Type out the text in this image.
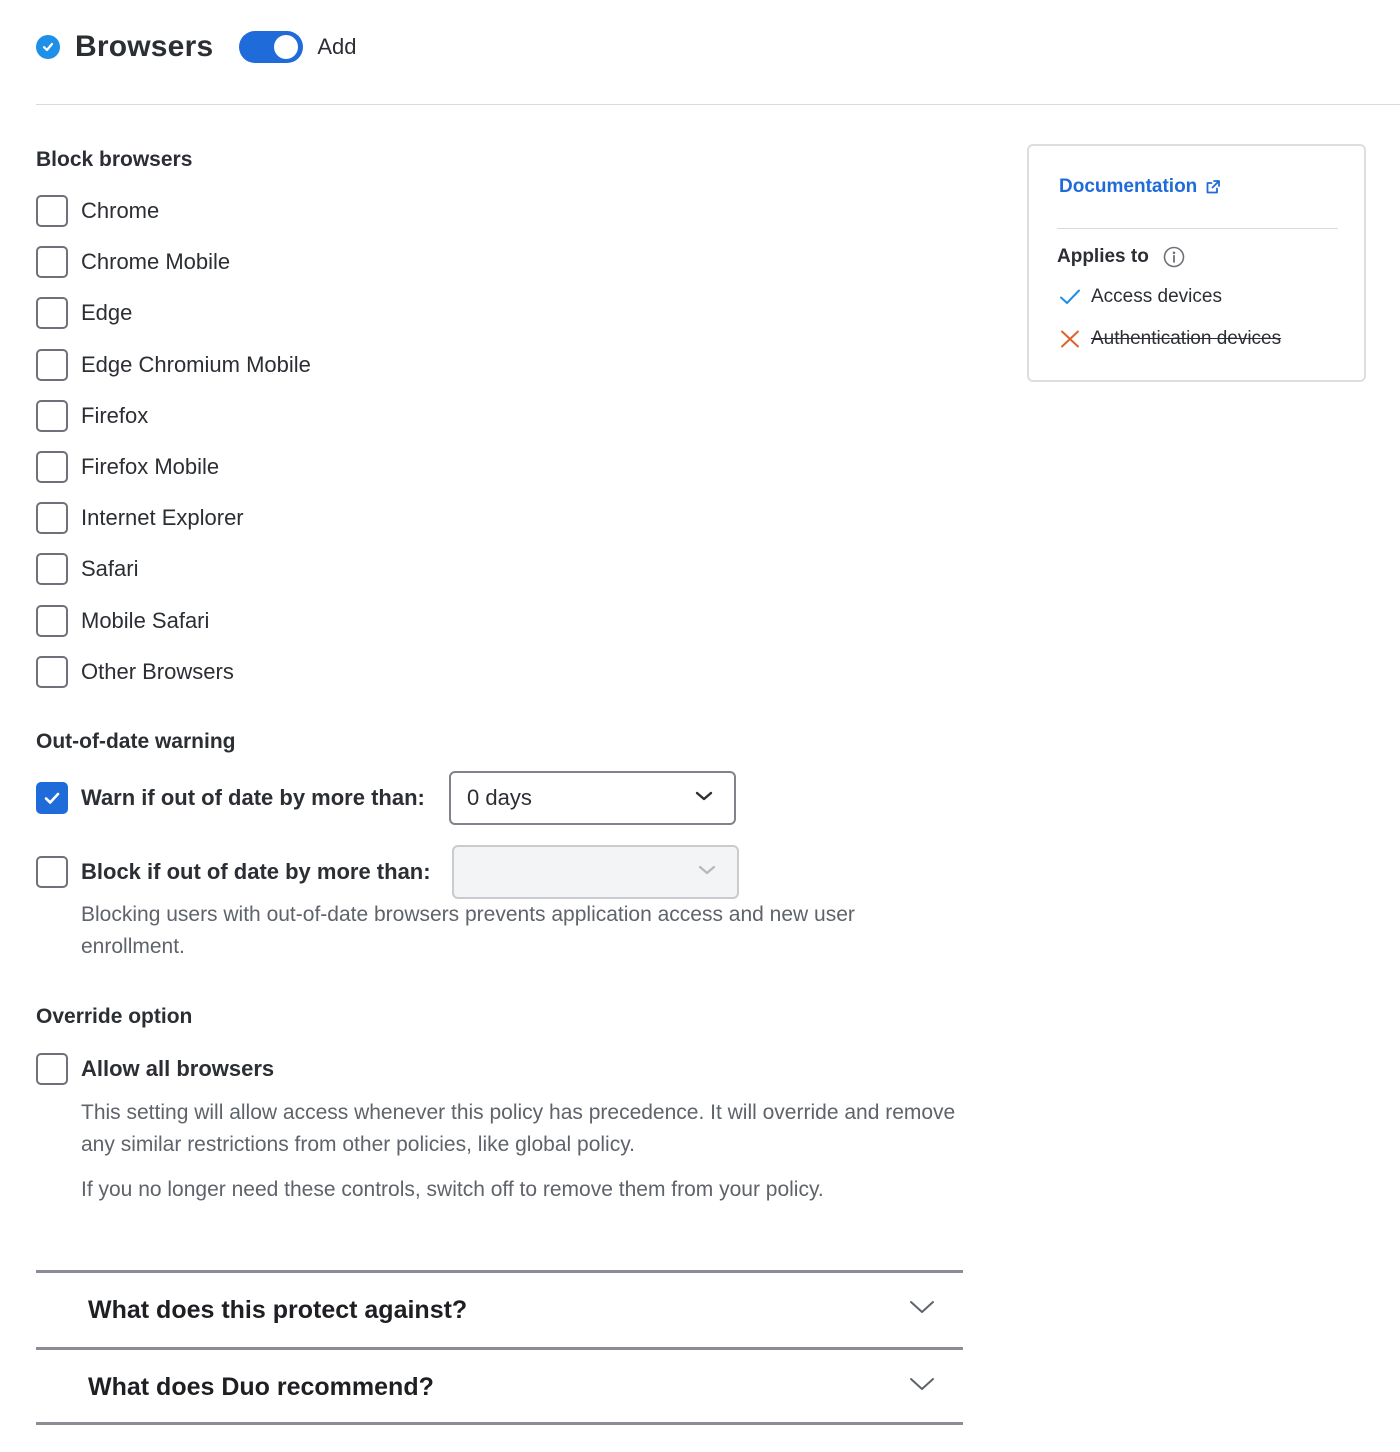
Browsers	Add
Block browsers
Chrome
Chrome Mobile
Edge
Edge Chromium Mobile
Firefox
Firefox Mobile
Internet Explorer
Safari
Mobile Safari
Other Browsers
Out-of-date warning
Warn if out of date by more than: 0 days
Block if out of date by more than:
Blocking users with out-of-date browsers prevents application access and new user enrollment.
Override option
Allow all browsers
This setting will allow access whenever this policy has precedence. It will override and remove any similar restrictions from other policies, like global policy.
If you no longer need these controls, switch off to remove them from your policy.
What does this protect against?
What does Duo recommend?
Documentation
Applies to
Access devices
Authentication devices
